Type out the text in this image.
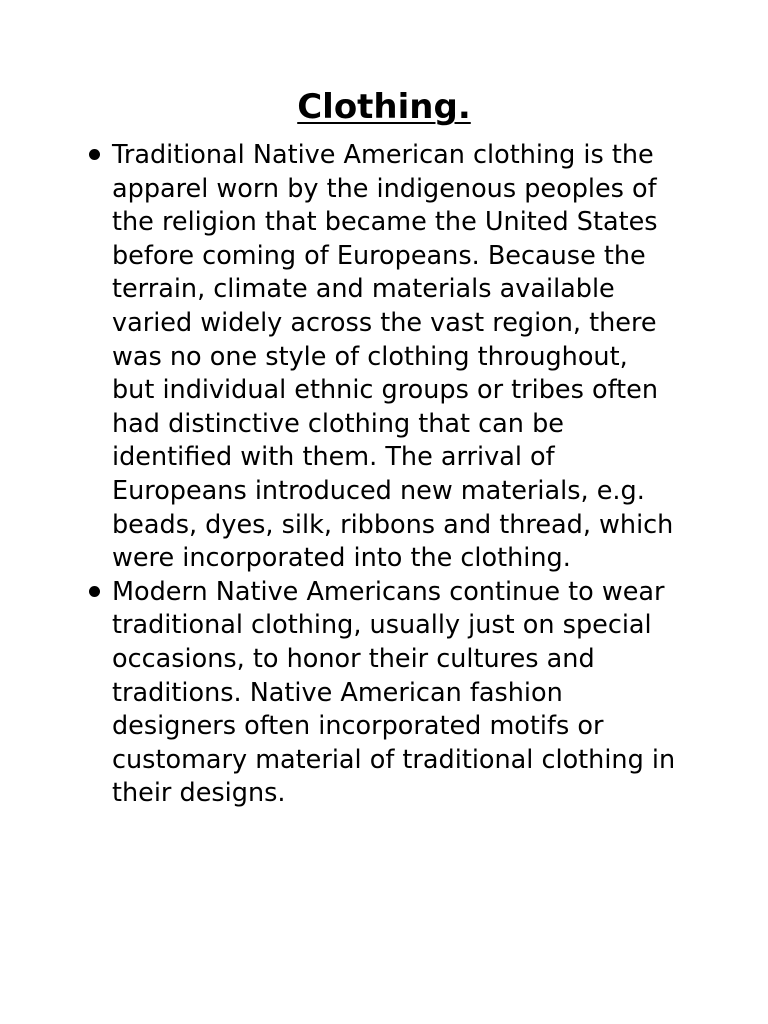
Clothing.
Traditional Native American clothing is the apparel worn by the indigenous peoples of the religion that became the United States before coming of Europeans. Because the terrain, climate and materials available varied widely across the vast region, there was no one style of clothing throughout, but individual ethnic groups or tribes often had distinctive clothing that can be identified with them. The arrival of Europeans introduced new materials, e.g. beads, dyes, silk, ribbons and thread, which were incorporated into the clothing.
Modern Native Americans continue to wear traditional clothing, usually just on special occasions, to honor their cultures and traditions. Native American fashion designers often incorporated motifs or customary material of traditional clothing in their designs.
